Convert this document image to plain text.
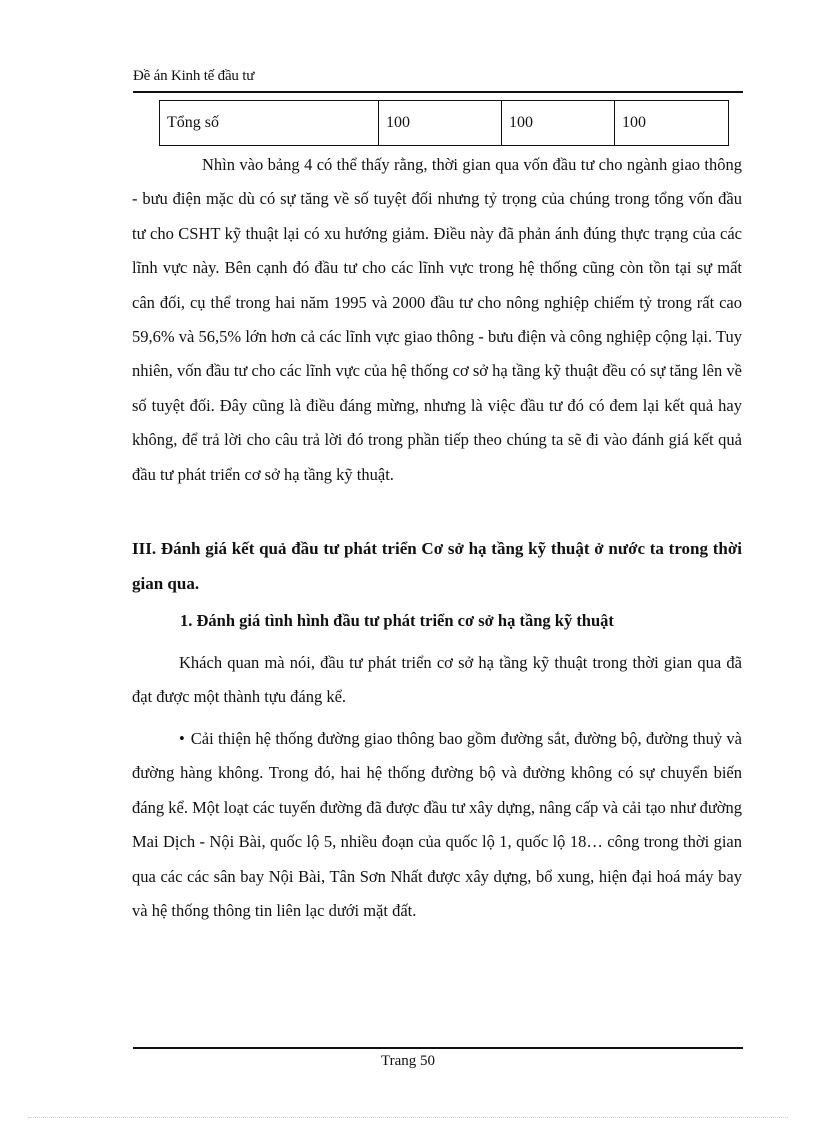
Đề án Kinh tế đầu tư
Tổng số	100	100	100

Nhìn vào bảng 4 có thể thấy rằng, thời gian qua vốn đầu tư cho ngành giao thông - bưu điện mặc dù có sự tăng về số tuyệt đối nhưng tỷ trọng của chúng trong tổng vốn đầu tư cho CSHT kỹ thuật lại có xu hướng giảm. Điều này đã phản ánh đúng thực trạng của các lĩnh vực này. Bên cạnh đó đầu tư cho các lĩnh vực trong hệ thống cũng còn tồn tại sự mất cân đối, cụ thể trong hai năm 1995 và 2000 đầu tư cho nông nghiệp chiếm tỷ trong rất cao 59,6% và 56,5% lớn hơn cả các lĩnh vực giao thông - bưu điện và công nghiệp cộng lại. Tuy nhiên, vốn đầu tư cho các lĩnh vực của hệ thống cơ sở hạ tầng kỹ thuật đều có sự tăng lên về số tuyệt đối. Đây cũng là điều đáng mừng, nhưng là việc đầu tư đó có đem lại kết quả hay không, để trả lời cho câu trả lời đó trong phần tiếp theo chúng ta sẽ đi vào đánh giá kết quả đầu tư phát triển cơ sở hạ tầng kỹ thuật.

III. Đánh giá kết quả đầu tư phát triển Cơ sở hạ tầng kỹ thuật ở nước ta trong thời gian qua.
1. Đánh giá tình hình đầu tư phát triển cơ sở hạ tầng kỹ thuật

Khách quan mà nói, đầu tư phát triển cơ sở hạ tầng kỹ thuật trong thời gian qua đã đạt được một thành tựu đáng kể.

• Cải thiện hệ thống đường giao thông bao gồm đường sắt, đường bộ, đường thuỷ và đường hàng không. Trong đó, hai hệ thống đường bộ và đường không có sự chuyển biến đáng kể. Một loạt các tuyến đường đã được đầu tư xây dựng, nâng cấp và cải tạo như đường Mai Dịch - Nội Bài, quốc lộ 5, nhiều đoạn của quốc lộ 1, quốc lộ 18… công trong thời gian qua các các sân bay Nội Bài, Tân Sơn Nhất được xây dựng, bổ xung, hiện đại hoá máy bay và hệ thống thông tin liên lạc dưới mặt đất.

Trang 50
